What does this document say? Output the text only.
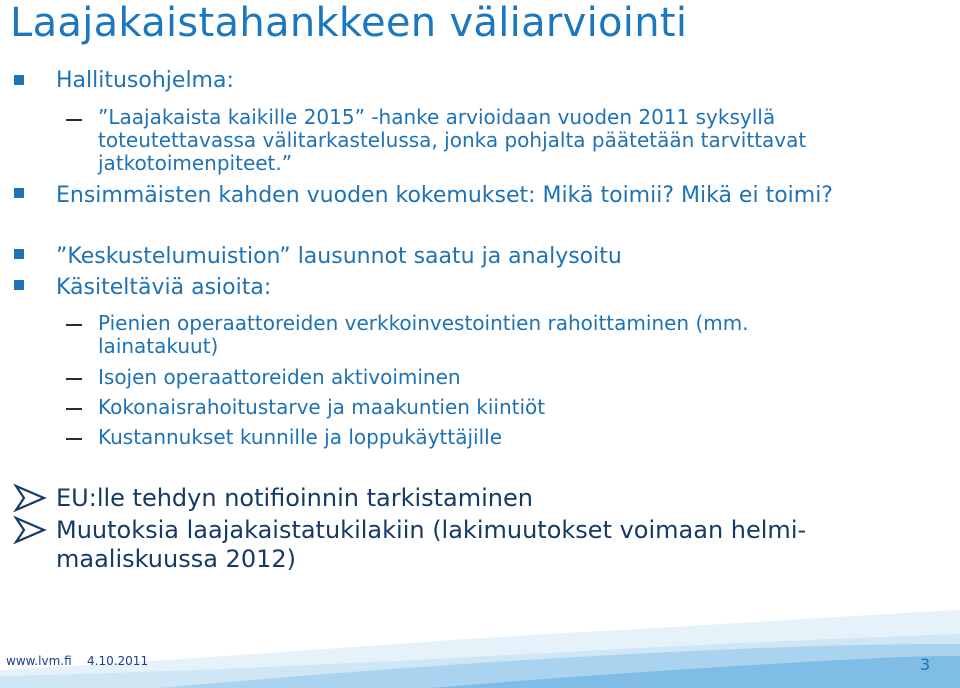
Laajakaistahankkeen väliarviointi
Hallitusohjelma:
”Laajakaista kaikille 2015” -hanke arvioidaan vuoden 2011 syksyllä toteutettavassa välitarkastelussa, jonka pohjalta päätetään tarvittavat jatkotoimenpiteet.”
Ensimmäisten kahden vuoden kokemukset: Mikä toimii? Mikä ei toimi?
”Keskustelumuistion” lausunnot saatu ja analysoitu
Käsiteltäviä asioita:
Pienien operaattoreiden verkkoinvestointien rahoittaminen (mm. lainatakuut)
Isojen operaattoreiden aktivoiminen
Kokonaisrahoitustarve ja maakuntien kiintiöt
Kustannukset kunnille ja loppukäyttäjille
EU:lle tehdyn notifioinnin tarkistaminen
Muutoksia laajakaistatukilakiin (lakimuutokset voimaan helmi-maaliskuussa 2012)
www.lvm.fi 4.10.2011	3
